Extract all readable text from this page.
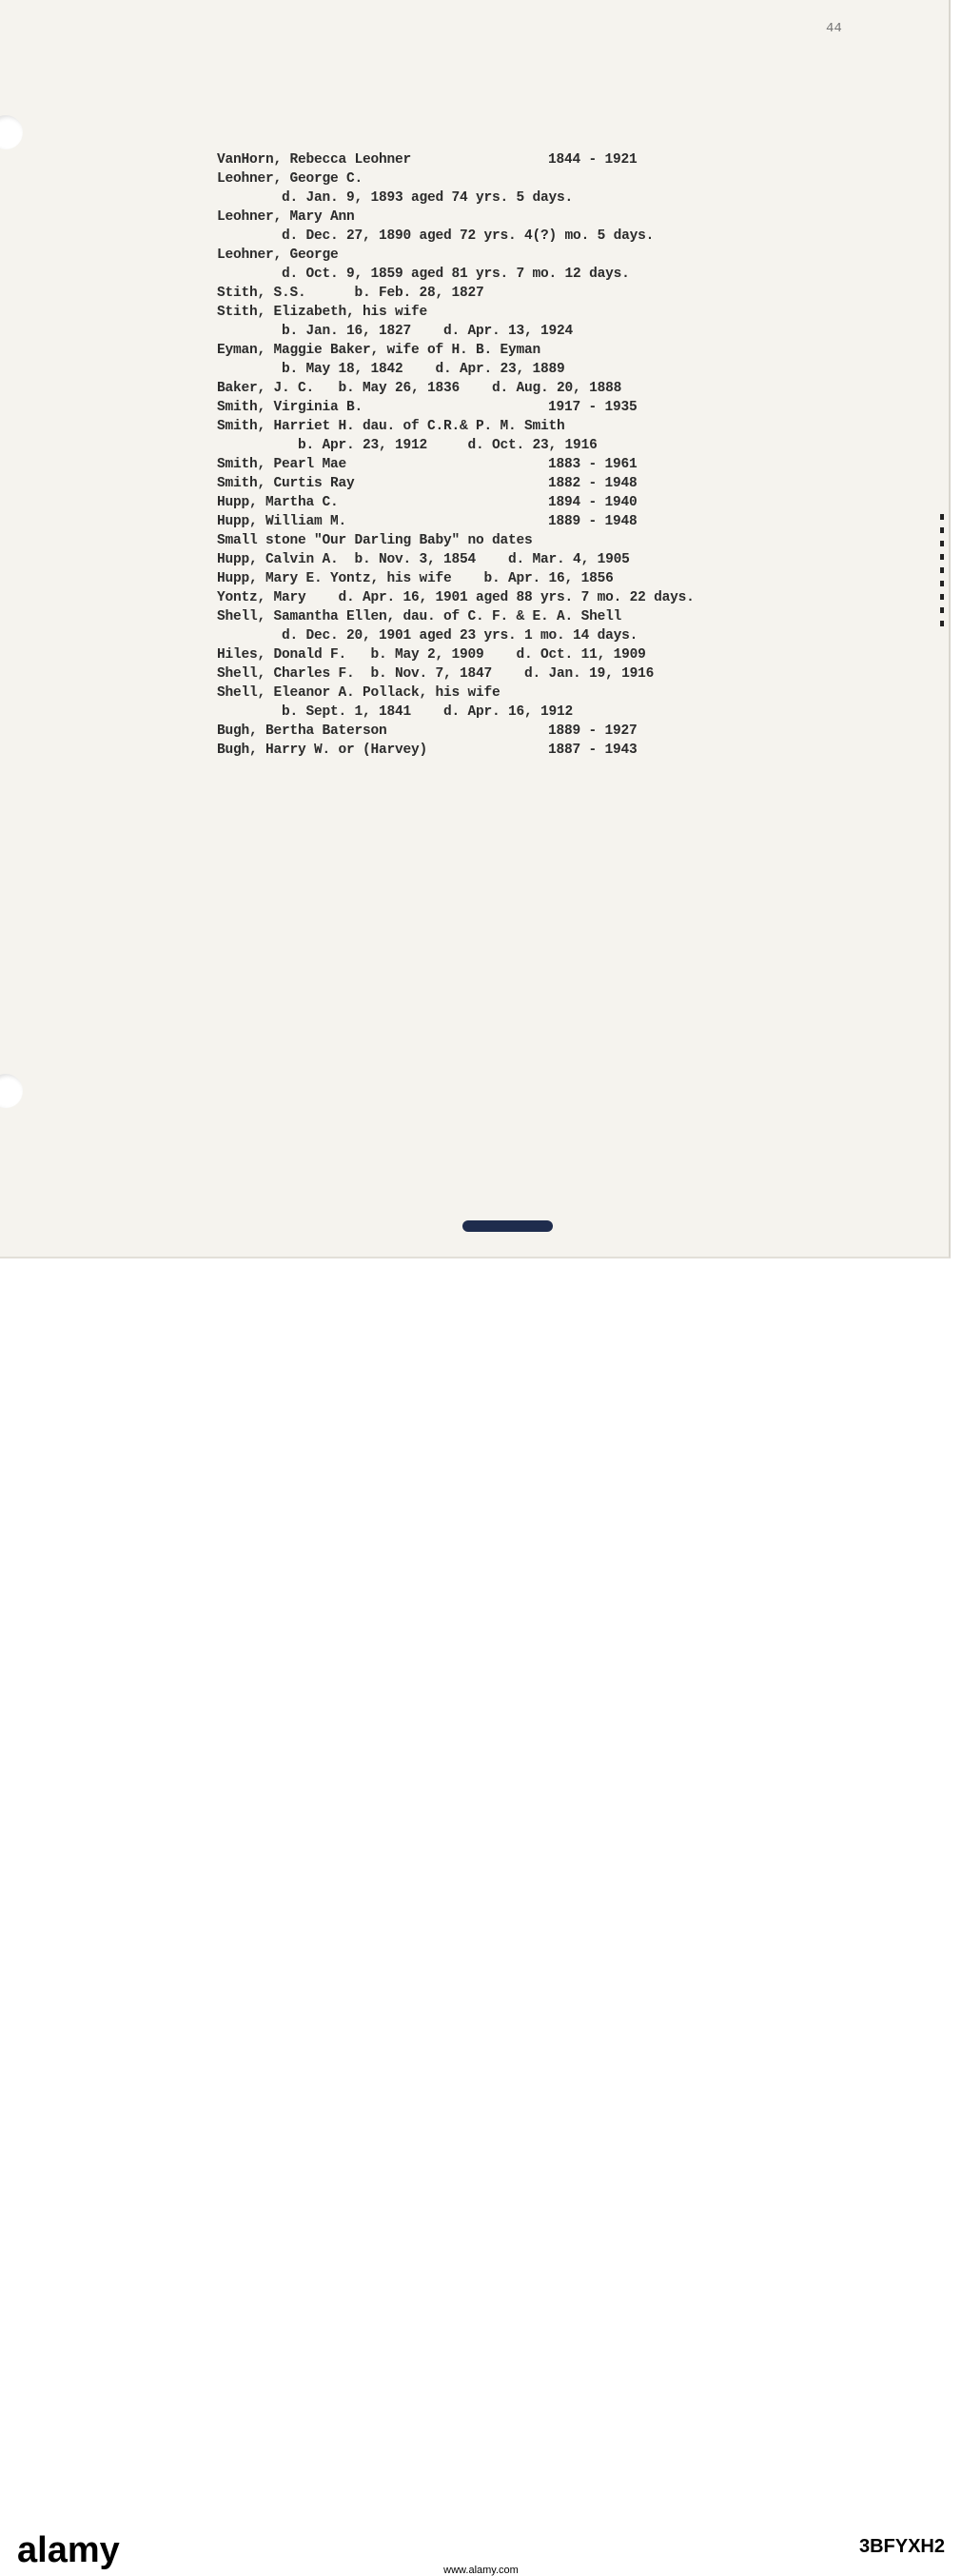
44
VanHorn, Rebecca Leohner	1844 - 1921
Leohner, George C.
d. Jan. 9, 1893 aged 74 yrs. 5 days.
Leohner, Mary Ann
d. Dec. 27, 1890 aged 72 yrs. 4(?) mo. 5 days.
Leohner, George
d. Oct. 9, 1859 aged 81 yrs. 7 mo. 12 days.
Stith, S.S.      b. Feb. 28, 1827
Stith, Elizabeth, his wife
b. Jan. 16, 1827    d. Apr. 13, 1924
Eyman, Maggie Baker, wife of H. B. Eyman
b. May 18, 1842    d. Apr. 23, 1889
Baker, J. C.   b. May 26, 1836    d. Aug. 20, 1888
Smith, Virginia B.	1917 - 1935
Smith, Harriet H. dau. of C.R.& P. M. Smith
b. Apr. 23, 1912     d. Oct. 23, 1916
Smith, Pearl Mae	1883 - 1961
Smith, Curtis Ray	1882 - 1948
Hupp, Martha C.	1894 - 1940
Hupp, William M.	1889 - 1948
Small stone "Our Darling Baby" no dates
Hupp, Calvin A.  b. Nov. 3, 1854    d. Mar. 4, 1905
Hupp, Mary E. Yontz, his wife    b. Apr. 16, 1856
Yontz, Mary    d. Apr. 16, 1901 aged 88 yrs. 7 mo. 22 days.
Shell, Samantha Ellen, dau. of C. F. & E. A. Shell
d. Dec. 20, 1901 aged 23 yrs. 1 mo. 14 days.
Hiles, Donald F.   b. May 2, 1909    d. Oct. 11, 1909
Shell, Charles F.  b. Nov. 7, 1847    d. Jan. 19, 1916
Shell, Eleanor A. Pollack, his wife
b. Sept. 1, 1841    d. Apr. 16, 1912
Bugh, Bertha Baterson	1889 - 1927
Bugh, Harry W. or (Harvey)	1887 - 1943
alamy	www.alamy.com
3BFYXH2
